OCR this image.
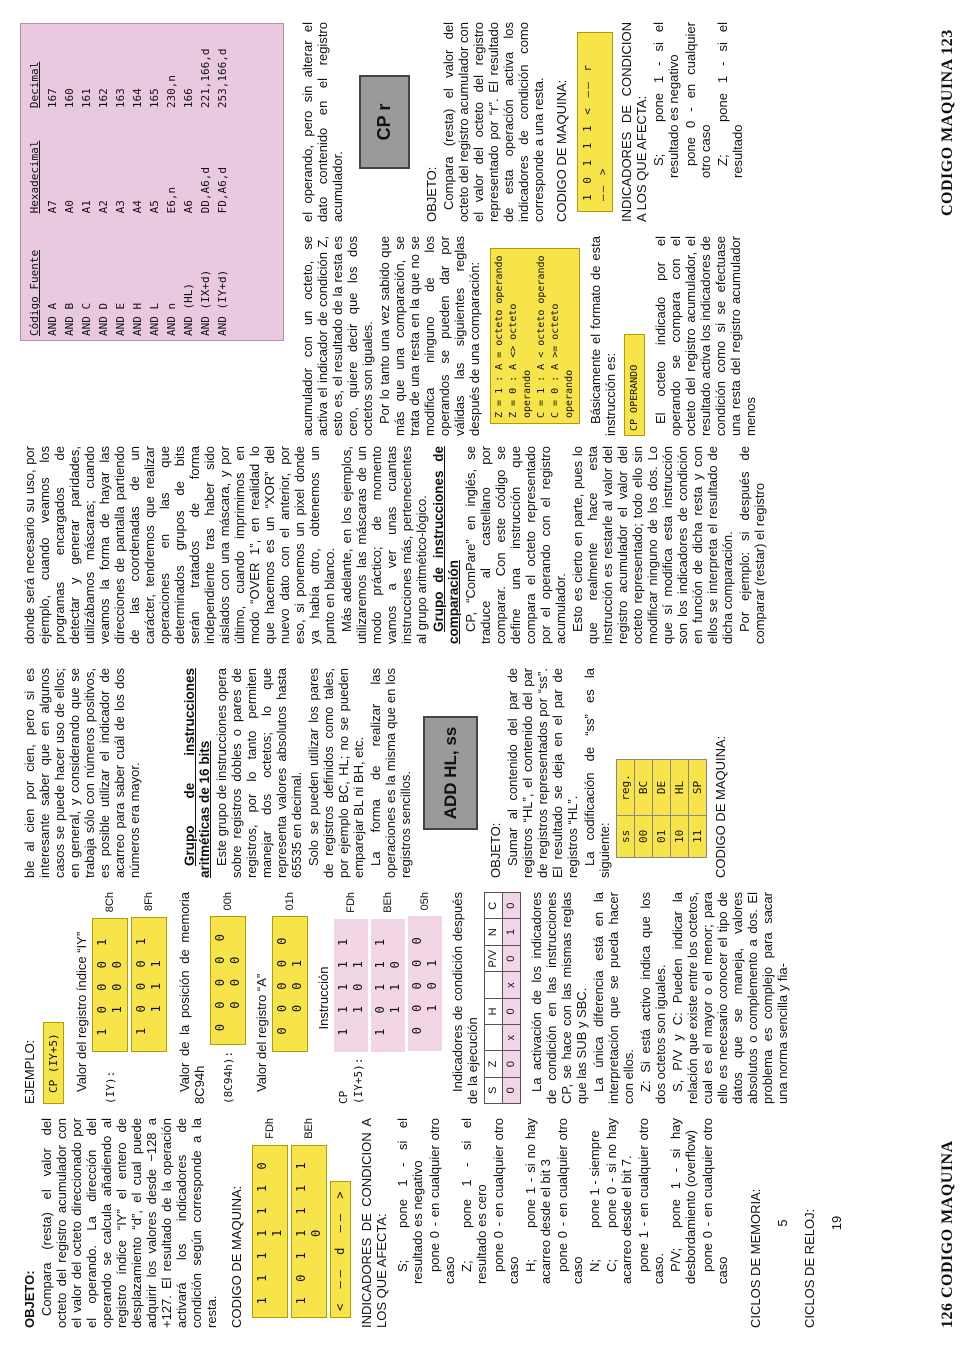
OBJETO: Compara (resta) el valor del octeto del registro acumulador con el valor del octeto direccionado por el operando. La dirección del operando se calcula añadiendo al registro índice “IY” el entero de desplazamiento “d”, el cual puede adquirir los valores desde −128 a +127. El resultado de la operación activará los indicadores de condición según corresponde a la resta. CODIGO DE MAQUINA: 1 1 1 1 1 1 0 1
FDh
1 0 1 1 1 1 1 0
BEh
< —— d —— > INDICADORES DE CONDICION A LOS QUE AFECTA: S;pone 1 - si el resultado es negativo pone 0 - en cualquier otro caso Z;pone 1 - si el resultado es cero pone 0 - en cualquier otro caso H;pone 1 - si no hay acarreo desde el bit 3 pone 0 - en cualquier otro caso N;pone 1 - siempre

C;pone 0 - si no hay acarreo desde el bit 7. pone 1 - en cualquier otro caso. P/V;pone 1 - si hay desbordamiento (overflow) pone 0 - en cualquier otro caso CICLOS DE MEMORIA: 5 CICLOS DE RELOJ: 19

EJEMPLO: CP (IY+5) Valor del registro índice “IY” (IY):
1 0 0 0 1 1 0 0
8Ch
1 0 0 0 1 1 1 1
8Fh Valor de la posición de memoria 8C94h (8C94h):
0 0 0 0 0 0 0 0
00h

Valor del registro “A” 0 0 0 0 0 0 0 1
01h

Instrucción

CP (IY+5):
1 1 1 1 1 1 0 1
FDh
1 0 1 1 1 1 1 0
BEh
0 0 0 0 0 1 0 1
05h Indicadores de condición después de la ejecución S	Z		H		P/V	N	C
0	0	x	0	x	0	1	0 La activación de los indicadores de condición en las instrucciones CP, se hace con las mismas reglas que las SUB y SBC. La única diferencia está en la interpretación que se pueda hacer con ellos. Z: Si está activo indica que los dos octetos son iguales. S, P/V y C: Pueden indicar la relación que existe entre los octetos, cual es el mayor o el menor; para ello es necesario conocer el tipo de datos que se maneja, valores absolutos o complemento a dos. El problema es complejo para sacar una norma sencilla y fia-

ble al cien por cien, pero si es interesante saber que en algunos casos se puede hacer uso de ellos; en general, y considerando que se trabaja sólo con números positivos, es posible utilizar el indicador de acarreo para saber cuál de los dos números era mayor.	Grupo de instrucciones aritméticas de 16 bits Este grupo de instrucciones opera sobre registros dobles o pares de registros, por lo tanto permiten manejar dos octetos; lo que representa valores absolutos hasta 65535 en decimal. Solo se pueden utilizar los pares de registros definidos como tales, por ejemplo BC, HL; no se pueden emparejar BL ni BH, etc. La forma de realizar las operaciones es la misma que en los registros sencillos.	ADD HL, ss

OBJETO: Sumar al contenido del par de registros “HL”, el contenido del par de registros representados por “ss”. El resultado se deja en el par de registros “HL”. La codificación de “ss” es la siguiente: ss	reg.
00	BC
01	DE
10	HL
11	SP CODIGO DE MAQUINA:

donde será necesario su uso, por ejemplo, cuando veamos los programas encargados de detectar y generar paridades, utilizábamos máscaras; cuando veamos la forma de hayar las direcciones de pantalla partiendo de las coordenadas de un carácter, tendremos que realizar operaciones en las que determinados grupos de bits serán tratados de forma independiente tras haber sido aislados con una máscara, y por último, cuando imprimimos en modo “OVER 1”, en realidad lo que hacemos es un “XOR” del nuevo dato con el anterior, por eso, si ponemos un pixel donde ya había otro, obtenemos un punto en blanco. Más adelante, en los ejemplos, utilizaremos las máscaras de un modo práctico; de momento vamos a ver unas cuantas instrucciones más, pertenecientes al grupo aritmético-lógico. Grupo de instrucciones de comparación CP, “ComPare” en inglés, se traduce al castellano por comparar. Con este código se define una instrucción que compara el octeto representado por el operando con el registro acumulador. Esto es cierto en parte, pues lo que realmente hace esta instrucción es restarle al valor del registro acumulador el valor del octeto representado; todo ello sin modificar ninguno de los dos. Lo que sí modifica esta instrucción son los indicadores de condición en función de dicha resta y con ellos se interpreta el resultado de dicha comparación. Por ejemplo: si después de comparar (restar) el registro

acumulador con un octeto, se activa el indicador de condición Z, esto es, el resultado de la resta es cero, quiere decir que los dos octetos son iguales. Por lo tanto una vez sabido que más que una comparación, se trata de una resta en la que no se modifica ninguno de los operandos se pueden dar por válidas las siguientes reglas después de una comparación: Z = 1 : A = octeto operando Z = 0 : A <> octeto operando C = 1 : A < octeto operando C = 0 : A >= octeto operando Básicamente el formato de esta instrucción es: CP OPERANDO El octeto indicado por el operando se compara con el octeto del registro acumulador, el resultado activa los indicadores de condición como si se efectuase una resta del registro acumulador menos

el operando, pero sin alterar el dato contenido en el registro acumulador.

CP r

OBJETO: Compara (resta) el valor del octeto del registro acumulador con el valor del octeto del registro representado por “r”. El resultado de esta operación activa los indicadores de condición como corresponde a una resta. CODIGO DE MAQUINA: 1 0 1 1 1 < —— r —— > INDICADORES DE CONDICION A LOS QUE AFECTA: S;pone 1 - si el resultado es negativo pone 0 - en cualquier otro caso Z;pone 1 - si el resultado

Código Fuente	Hexadecimal	Decimal
AND A	A7	167
AND B	A0	160
AND C	A1	161
AND D	A2	162
AND E	A3	163
AND H	A4	164
AND L	A5	165
AND n	E6,n	230,n
AND (HL)	A6	166
AND (IX+d)	DD,A6,d	221,166,d
AND (IY+d)	FD,A6,d	253,166,d
126 CODIGO MAQUINA
CODIGO MAQUINA 123
